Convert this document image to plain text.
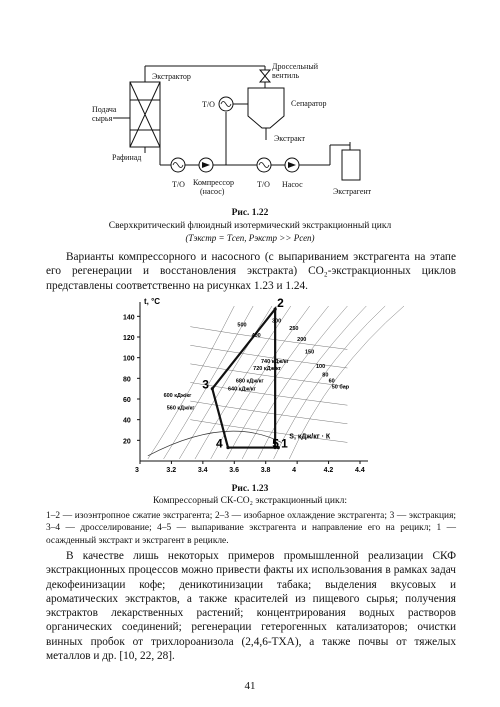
Экстрактор
Дроссельный
вентиль
Подача
сырья
Т/О	Сепаратор
Экстракт
Рафинад
Т/О Компрессор
(насос)
Т/О Насос
Экстрагент
Рис. 1.22
Сверхкритический флюидный изотермический экстракционный цикл
(Tэкстр = Tсеп, Pэкстр >> Pсеп)

Варианты компрессорного и насосного (с выпариванием экстрагента на этапе его регенерации и восстановления экстракта) CO₂-экстракционных циклов представлены соответственно на рисунках 1.23 и 1.24.

t, °C
S, кДж/кг · К
3	3.2	3.4	3.6	3.8	4	4.2	4.4
20
40
60
80
100
120
140
1
2
3
4	5
500
400
300
250
200
150
100
80
60
600 кДж/кг
740 кДж/кг
720 кДж/кг
680 кДж/кг
640 кДж/кг
560 кДж/кг
50 бар
Рис. 1.23
Компрессорный СК-CO₂ экстракционный цикл:
1–2 — изоэнтропное сжатие экстрагента; 2–3 — изобарное охлаждение экстрагента; 3 — экстракция; 3–4 — дросселирование; 4–5 — выпаривание экстрагента и направление его на рецикл; 1 — осажденный экстракт и экстрагент в рецикле.

В качестве лишь некоторых примеров промышленной реализации СКФ экстракционных процессов можно привести факты их использования в рамках задач декофеинизации кофе; деникотинизации табака; выделения вкусовых и ароматических экстрактов, а также красителей из пищевого сырья; получения экстрактов лекарственных растений; концентрирования водных растворов органических соединений; регенерации гетерогенных катализаторов; очистки винных пробок от трихлороанизола (2,4,6-ТХА), а также почвы от тяжелых металлов и др. [10, 22, 28].

41
